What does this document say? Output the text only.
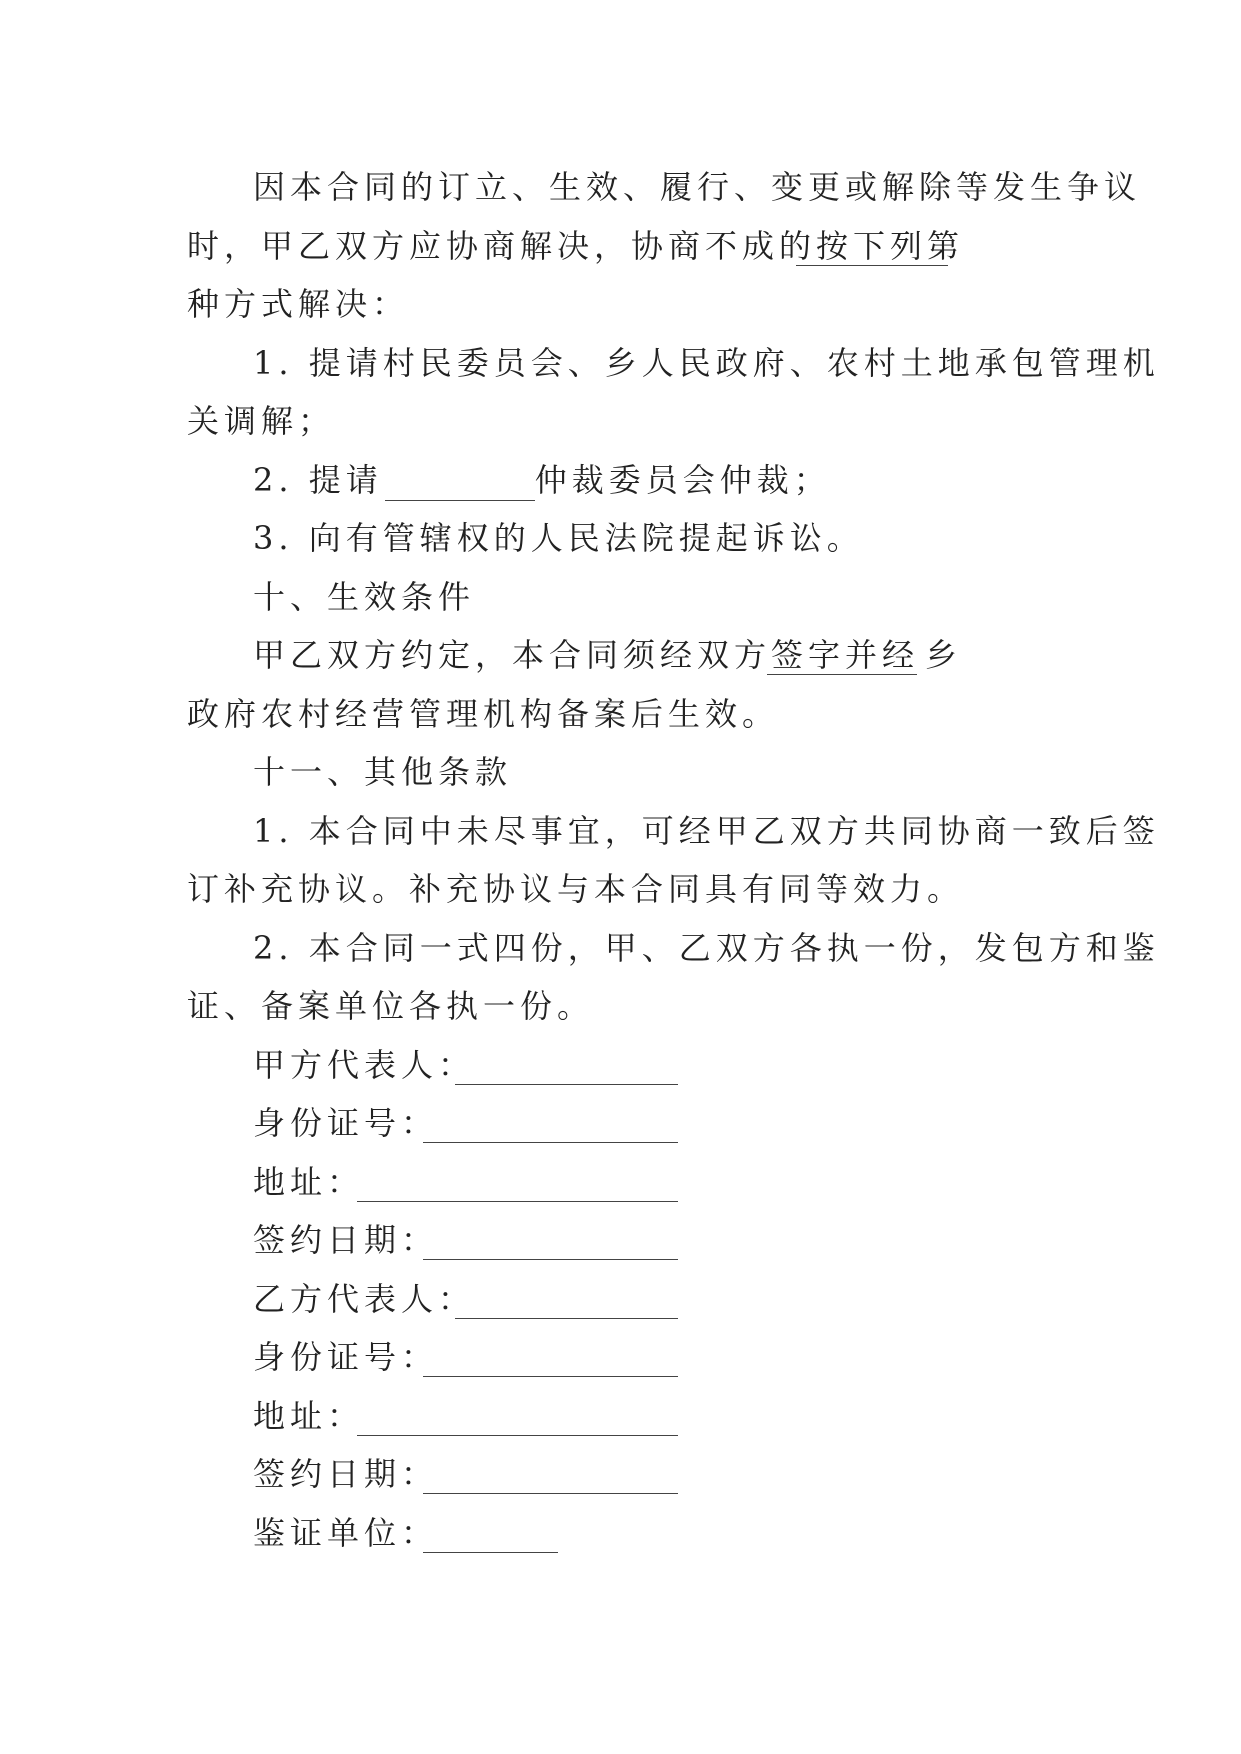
因本合同的订立、生效、履行、变更或解除等发生争议
时，甲乙双方应协商解决，协商不成的按下列第
种方式解决：
1. 提请村民委员会、乡人民政府、农村土地承包管理机
关调解；
2. 提请	仲裁委员会仲裁；
3. 向有管辖权的人民法院提起诉讼。
十、生效条件
甲乙双方约定，本合同须经双方签字并经 乡
政府农村经营管理机构备案后生效。
十一、其他条款
1. 本合同中未尽事宜，可经甲乙双方共同协商一致后签
订补充协议。补充协议与本合同具有同等效力。
2. 本合同一式四份，甲、乙双方各执一份，发包方和鉴
证、备案单位各执一份。
甲方代表人：
身份证号：
地址：
签约日期：
乙方代表人：
身份证号：
地址：
签约日期：
鉴证单位：
